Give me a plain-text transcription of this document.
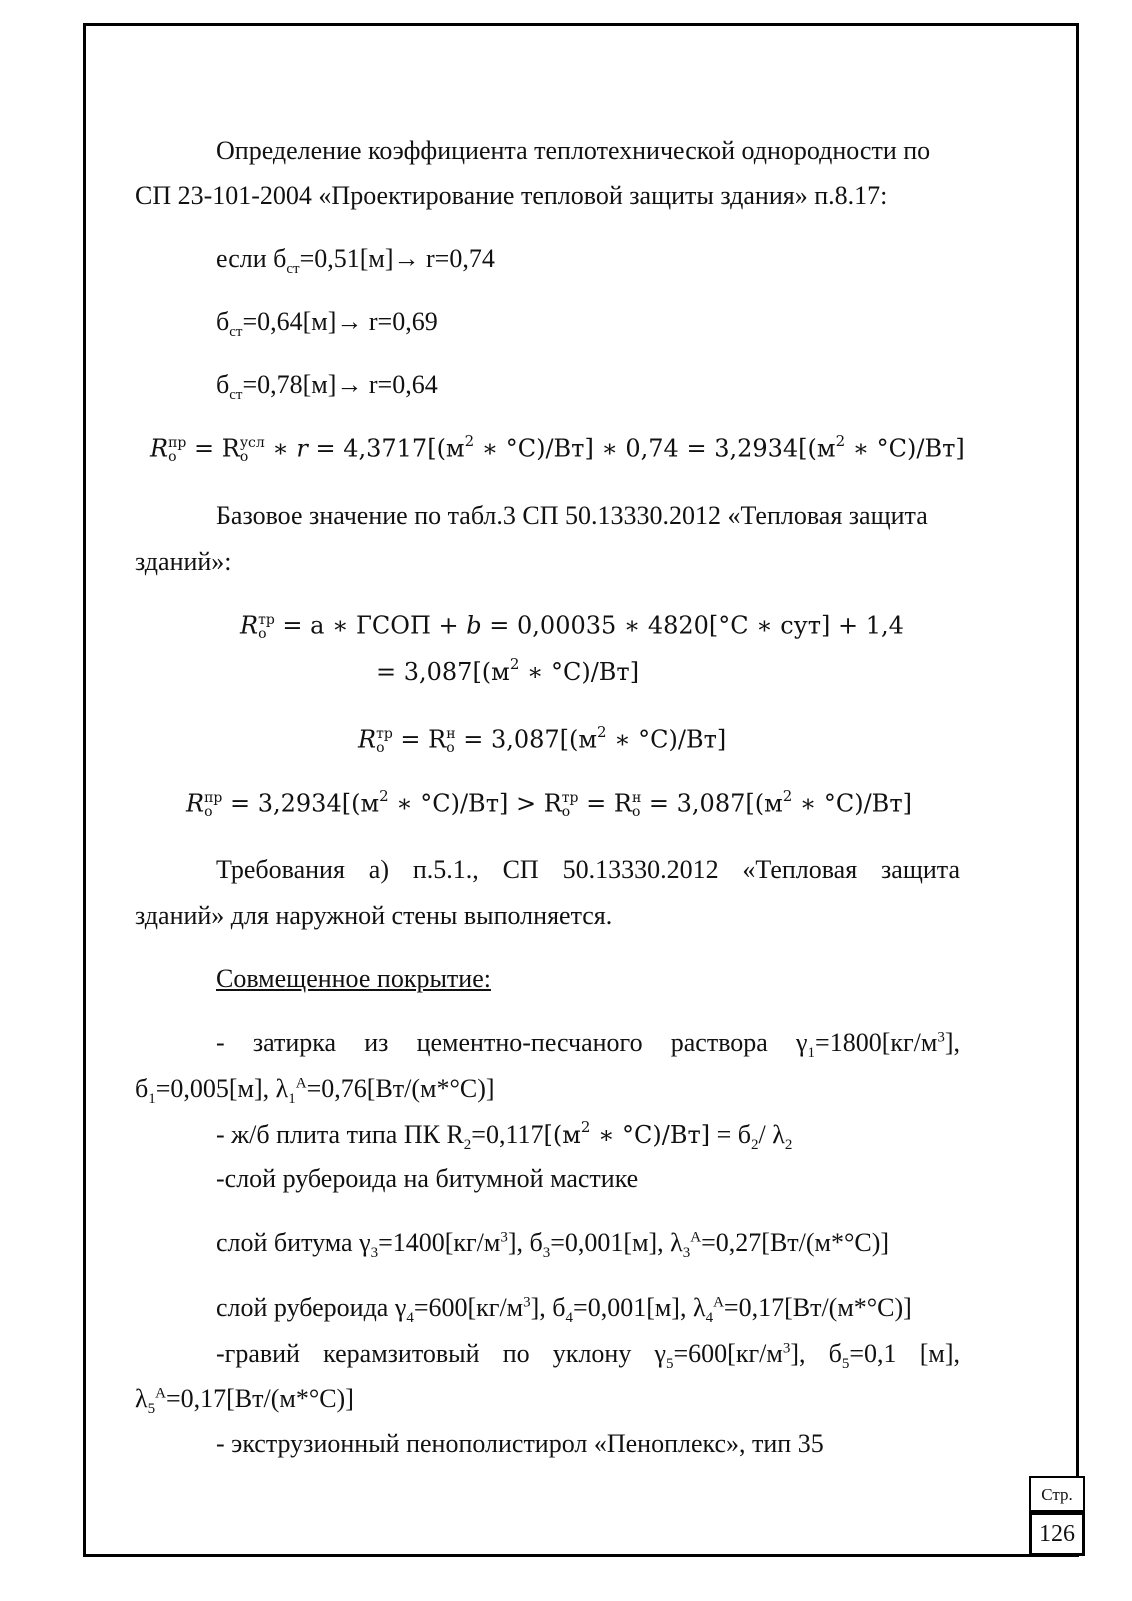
Определение коэффициента теплотехнической однородности по
СП 23-101-2004 «Проектирование тепловой защиты здания» п.8.17:
если $б_{ст}=0,51[м]\to r=0,74$
$б_{ст}=0,64[м]\to r=0,69$
$б_{ст}=0,78[м]\to r=0,64$
R пр
о = R усл
о ∗ $r = 4,3717[(м^2$ ∗ °C)/Вт] ∗ $0,74 = 3,2934[(м^2$ ∗ °C)/Вт]
Базовое значение по табл.3 СП 50.13330.2012 «Тепловая защита
зданий»:
R тр
о = a ∗ ГСОП + b = 0,00035 ∗ 4820[°C ∗ сут] + 1,4
= $3,087[(м^2$ ∗ °C)/Вт]
R тр
о = R н
$о = 3,087[(м^2$ ∗ °C)/Вт]
R пр
$о = 3,2934[(м^2$ ∗ °C)/Вт] > R тр
о = R н
$о = 3,087[(м^2$ ∗ °C)/Вт]
Требования а) п.5.1., СП 50.13330.2012 «Тепловая защита
зданий» для наружной стены выполняется.
Совмещенное покрытие:
- затирка из цементно-песчаного раствора $\gamma_1=1800[кг/м^3]$,
$б_1=0,005[м]$, $\lambda_1^А=0,76[Вт/(м*^\circ С)]$
- ж/б плита типа ПК $R_2=0,117[(м^2$ ∗ $^\circ C)/Вт] = б_2/$ $\lambda_2$
-слой рубероида на битумной мастике
слой битума $\gamma_3=1400[кг/м^3]$, $б_3=0,001[м]$, $\lambda_3^А=0,27[Вт/(м*^\circ С)]$
слой рубероида $\gamma_4=600[кг/м^3]$, $б_4=0,001[м]$, $\lambda_4^А=0,17[Вт/(м*^\circ С)]$
-гравий керамзитовый по уклону $\gamma_5=600[кг/м^3]$, $б_5=0,1$ [м],
$\lambda_5^А=0,17[Вт/(м*^\circ С)]$
- экструзионный пенополистирол «Пеноплекс», тип 35
Стр.
126
